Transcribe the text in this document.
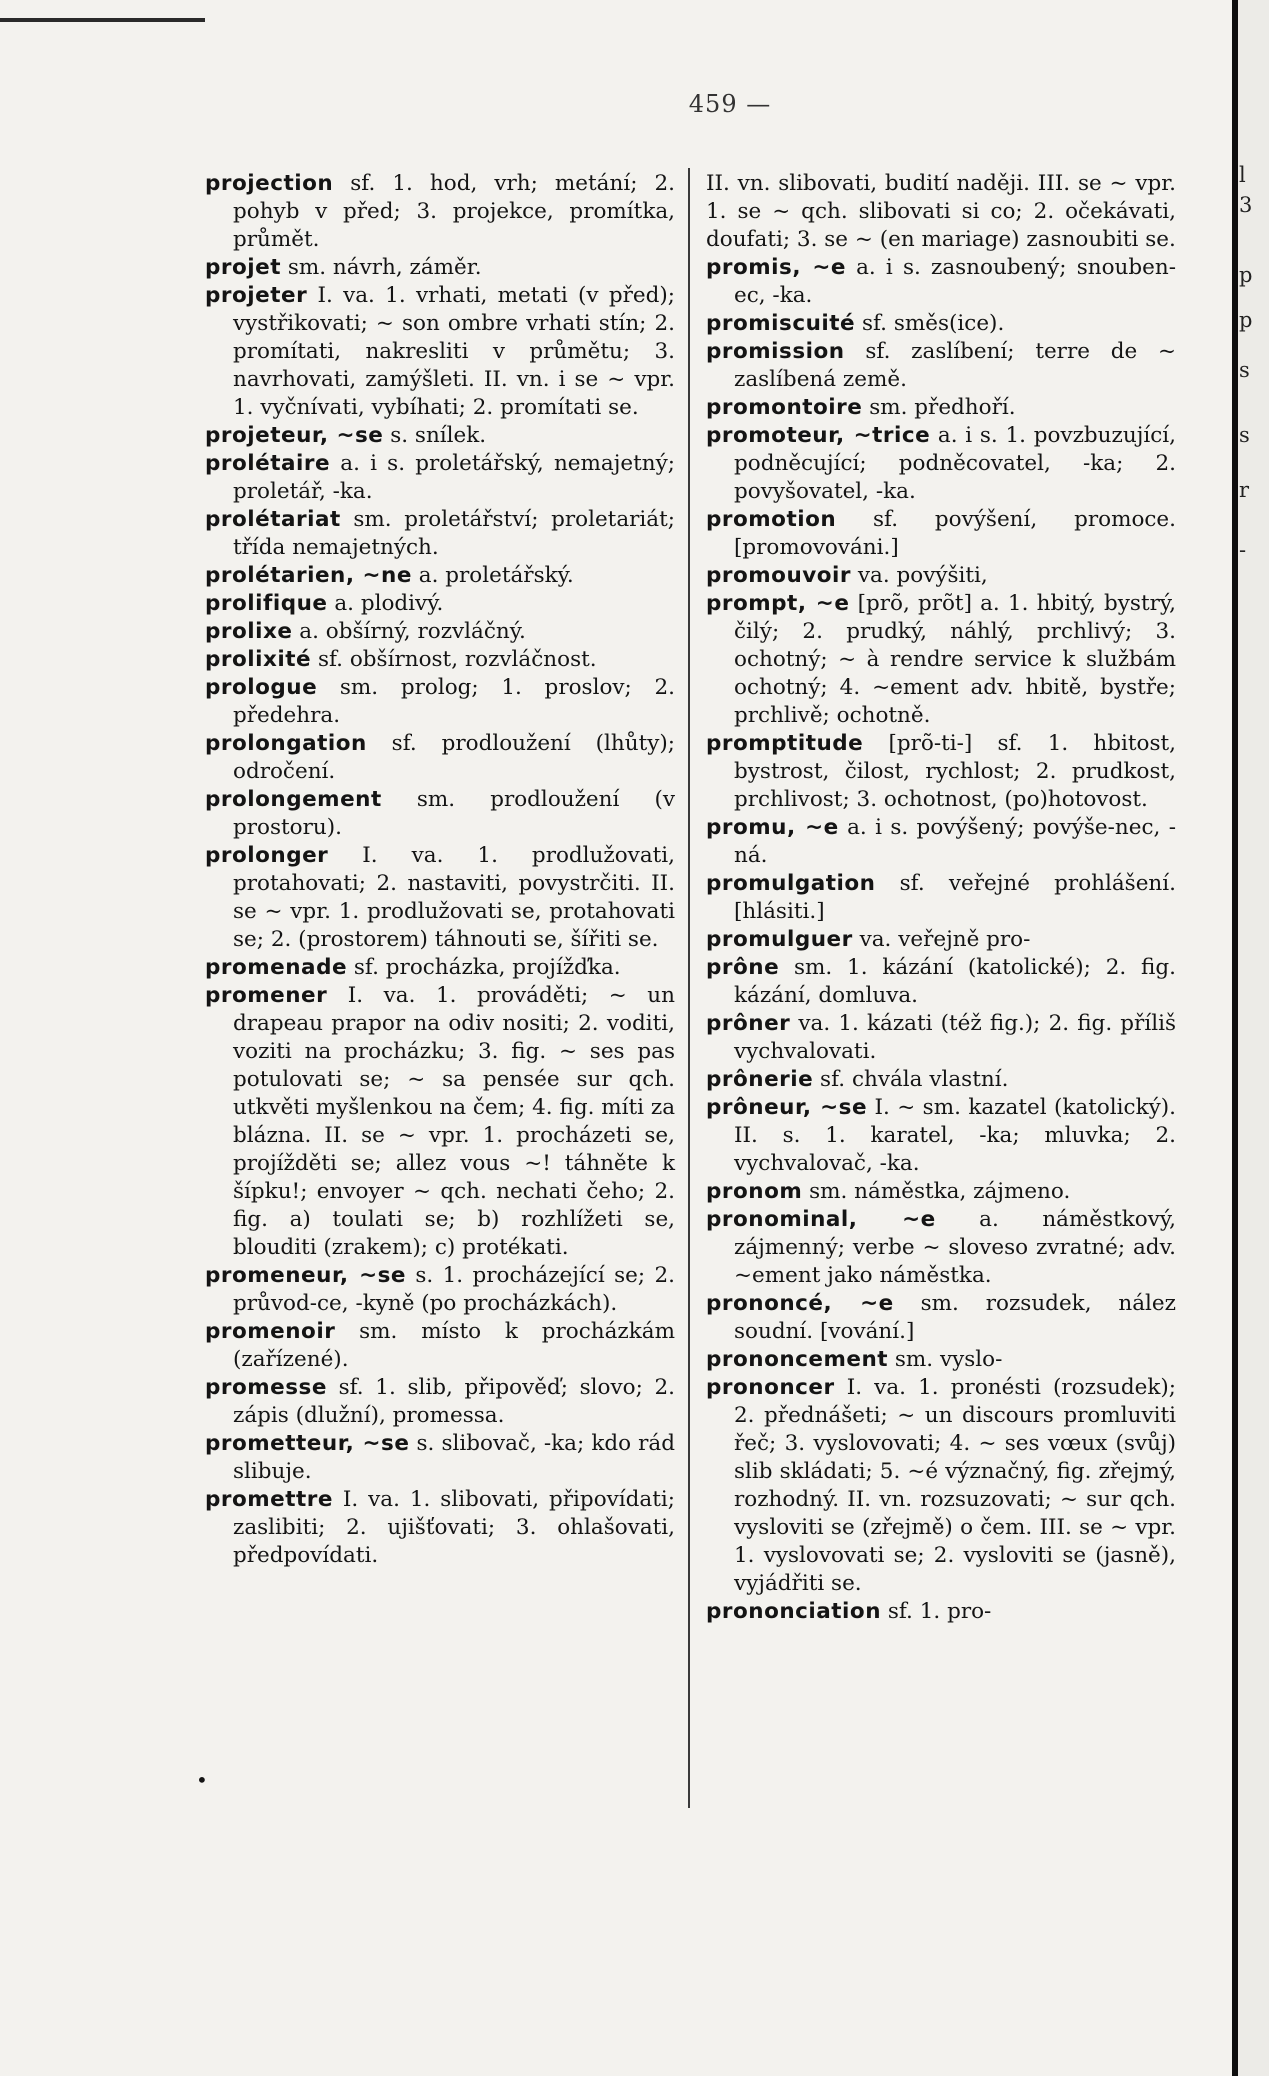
459 —

projection sf. 1. hod, vrh; metání; 2. pohyb v před; 3. projekce, promítka, průmět.

projet sm. návrh, záměr.

projeter I. va. 1. vrhati, metati (v před); vystřikovati; ~ son ombre vrhati stín; 2. promítati, nakresliti v průmětu; 3. navrhovati, zamýšleti. II. vn. i se ~ vpr. 1. vyčnívati, vybíhati; 2. promítati se.

projeteur, ~se s. snílek.

prolétaire a. i s. proletářský, nemajetný; proletář, -ka.

prolétariat sm. proletářství; proletariát; třída nemajetných.

prolétarien, ~ne a. proletářský.

prolifique a. plodivý.

prolixe a. obšírný, rozvláčný.

prolixité sf. obšírnost, rozvláčnost.

prologue sm. prolog; 1. proslov; 2. předehra.

prolongation sf. prodloužení (lhůty); odročení.

prolongement sm. prodloužení (v prostoru).

prolonger I. va. 1. prodlužovati, protahovati; 2. nastaviti, povystrčiti. II. se ~ vpr. 1. prodlužovati se, protahovati se; 2. (prostorem) táhnouti se, šířiti se.

promenade sf. procházka, projížďka.

promener I. va. 1. prováděti; ~ un drapeau prapor na odiv nositi; 2. voditi, voziti na procházku; 3. fig. ~ ses pas potulovati se; ~ sa pensée sur qch. utkvěti myšlenkou na čem; 4. fig. míti za blázna. II. se ~ vpr. 1. procházeti se, projížděti se; allez vous ~! táhněte k šípku!; envoyer ~ qch. nechati čeho; 2. fig. a) toulati se; b) rozhlížeti se, blouditi (zrakem); c) protékati.

promeneur, ~se s. 1. procházející se; 2. průvod-ce, -kyně (po procházkách).

promenoir sm. místo k procházkám (zařízené).

promesse sf. 1. slib, připověď; slovo; 2. zápis (dlužní), promessa.

prometteur, ~se s. slibovač, -ka; kdo rád slibuje.

promettre I. va. 1. slibovati, připovídati; zaslibiti; 2. ujišťovati; 3. ohlašovati, předpovídati.

II. vn. slibovati, budití naději. III. se ~ vpr. 1. se ~ qch. slibovati si co; 2. očekávati, doufati; 3. se ~ (en mariage) zasnoubiti se.

promis, ~e a. i s. zasnoubený; snouben-ec, -ka.

promiscuité sf. směs(ice).

promission sf. zaslíbení; terre de ~ zaslíbená země.

promontoire sm. předhoří.

promoteur, ~trice a. i s. 1. povzbuzující, podněcující; podněcovatel, -ka; 2. povyšovatel, -ka.

promotion sf. povýšení, promoce. [promovováni.]

promouvoir va. povýšiti,

prompt, ~e [prõ, prõt] a. 1. hbitý, bystrý, čilý; 2. prudký, náhlý, prchlivý; 3. ochotný; ~ à rendre service k službám ochotný; 4. ~ement adv. hbitě, bystře; prchlivě; ochotně.

promptitude [prõ-ti-] sf. 1. hbitost, bystrost, čilost, rychlost; 2. prudkost, prchlivost; 3. ochotnost, (po)hotovost.

promu, ~e a. i s. povýšený; povýše-nec, -ná.

promulgation sf. veřejné prohlášení. [hlásiti.]

promulguer va. veřejně pro-

prône sm. 1. kázání (katolické); 2. fig. kázání, domluva.

prôner va. 1. kázati (též fig.); 2. fig. příliš vychvalovati.

prônerie sf. chvála vlastní.

prôneur, ~se I. ~ sm. kazatel (katolický). II. s. 1. karatel, -ka; mluvka; 2. vychvalovač, -ka.

pronom sm. náměstka, zájmeno.

pronominal, ~e a. náměstkový, zájmenný; verbe ~ sloveso zvratné; adv. ~ement jako náměstka.

prononcé, ~e sm. rozsudek, nález soudní. [vování.]

prononcement sm. vyslo-

prononcer I. va. 1. pronésti (rozsudek); 2. přednášeti; ~ un discours promluviti řeč; 3. vyslovovati; 4. ~ ses vœux (svůj) slib skládati; 5. ~é význačný, fig. zřejmý, rozhodný. II. vn. rozsuzovati; ~ sur qch. vysloviti se (zřejmě) o čem. III. se ~ vpr. 1. vyslovovati se; 2. vysloviti se (jasně), vyjádřiti se.

prononciation sf. 1. pro-

•
l
3
p
p
s
s
r
-
